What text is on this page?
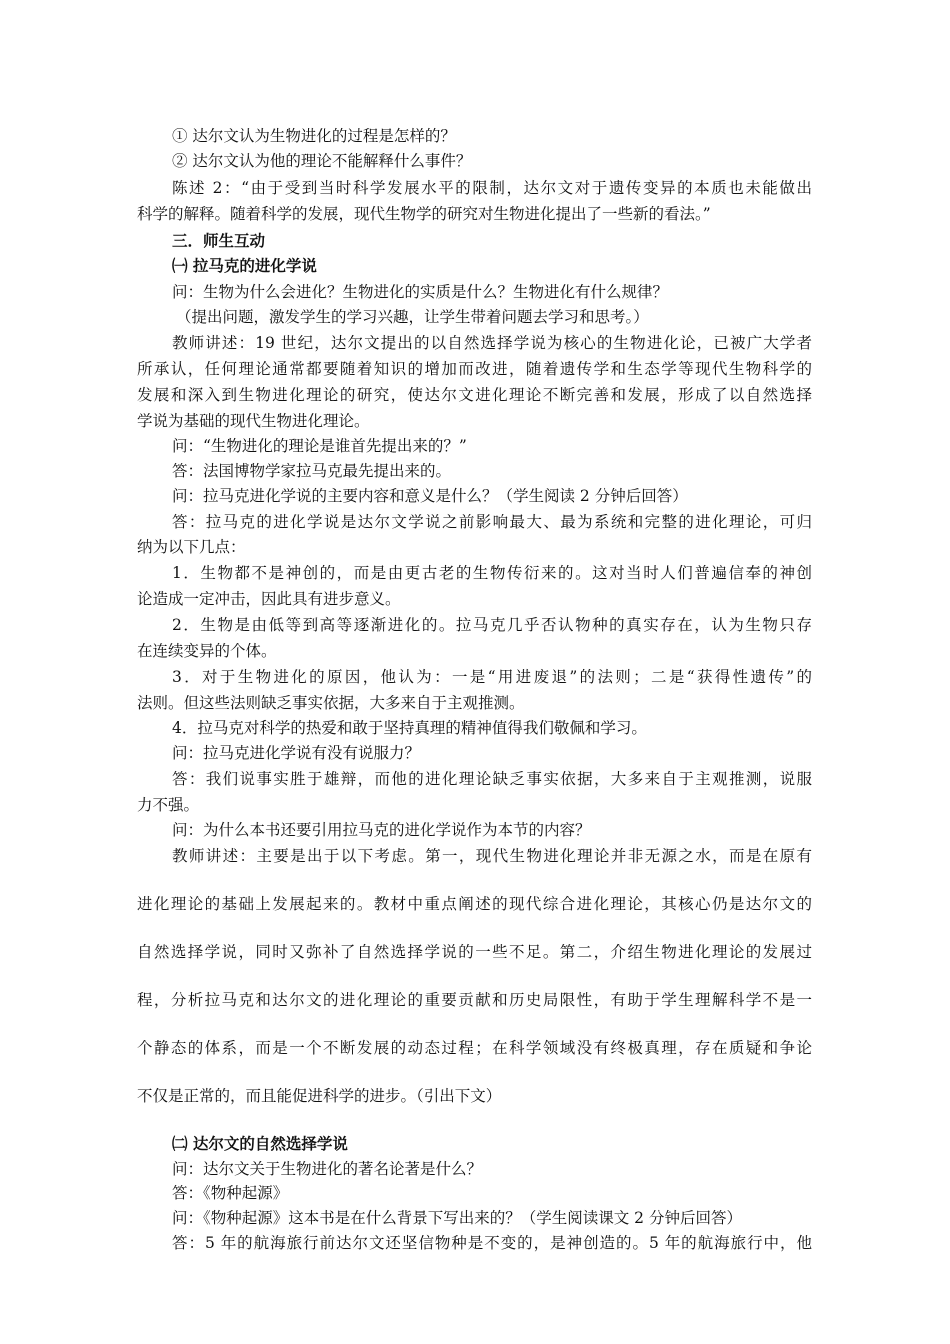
① 达尔文认为生物进化的过程是怎样的？
② 达尔文认为他的理论不能解释什么事件？
陈述 2：“由于受到当时科学发展水平的限制，达尔文对于遗传变异的本质也未能做出
科学的解释。随着科学的发展，现代生物学的研究对生物进化提出了一些新的看法。”
三．师生互动
㈠ 拉马克的进化学说
问：生物为什么会进化？生物进化的实质是什么？生物进化有什么规律？
（提出问题，激发学生的学习兴趣，让学生带着问题去学习和思考。）
教师讲述：19 世纪，达尔文提出的以自然选择学说为核心的生物进化论，已被广大学者
所承认，任何理论通常都要随着知识的增加而改进，随着遗传学和生态学等现代生物科学的
发展和深入到生物进化理论的研究，使达尔文进化理论不断完善和发展，形成了以自然选择
学说为基础的现代生物进化理论。
问：“生物进化的理论是谁首先提出来的？”
答：法国博物学家拉马克最先提出来的。
问：拉马克进化学说的主要内容和意义是什么？（学生阅读 2 分钟后回答）
答：拉马克的进化学说是达尔文学说之前影响最大、最为系统和完整的进化理论，可归
纳为以下几点：
1．生物都不是神创的，而是由更古老的生物传衍来的。这对当时人们普遍信奉的神创
论造成一定冲击，因此具有进步意义。
2．生物是由低等到高等逐渐进化的。拉马克几乎否认物种的真实存在，认为生物只存
在连续变异的个体。
3．对于生物进化的原因，他认为：一是“用进废退”的法则；二是“获得性遗传”的
法则。但这些法则缺乏事实依据，大多来自于主观推测。
4．拉马克对科学的热爱和敢于坚持真理的精神值得我们敬佩和学习。
问：拉马克进化学说有没有说服力？
答：我们说事实胜于雄辩，而他的进化理论缺乏事实依据，大多来自于主观推测，说服
力不强。
问：为什么本书还要引用拉马克的进化学说作为本节的内容？
教师讲述：主要是出于以下考虑。第一，现代生物进化理论并非无源之水，而是在原有
进化理论的基础上发展起来的。教材中重点阐述的现代综合进化理论，其核心仍是达尔文的
自然选择学说，同时又弥补了自然选择学说的一些不足。第二，介绍生物进化理论的发展过
程，分析拉马克和达尔文的进化理论的重要贡献和历史局限性，有助于学生理解科学不是一
个静态的体系，而是一个不断发展的动态过程；在科学领域没有终极真理，存在质疑和争论
不仅是正常的，而且能促进科学的进步。（引出下文）
㈡ 达尔文的自然选择学说
问：达尔文关于生物进化的著名论著是什么？
答：《物种起源》
问：《物种起源》这本书是在什么背景下写出来的？（学生阅读课文 2 分钟后回答）
答：5 年的航海旅行前达尔文还坚信物种是不变的，是神创造的。5 年的航海旅行中，他
